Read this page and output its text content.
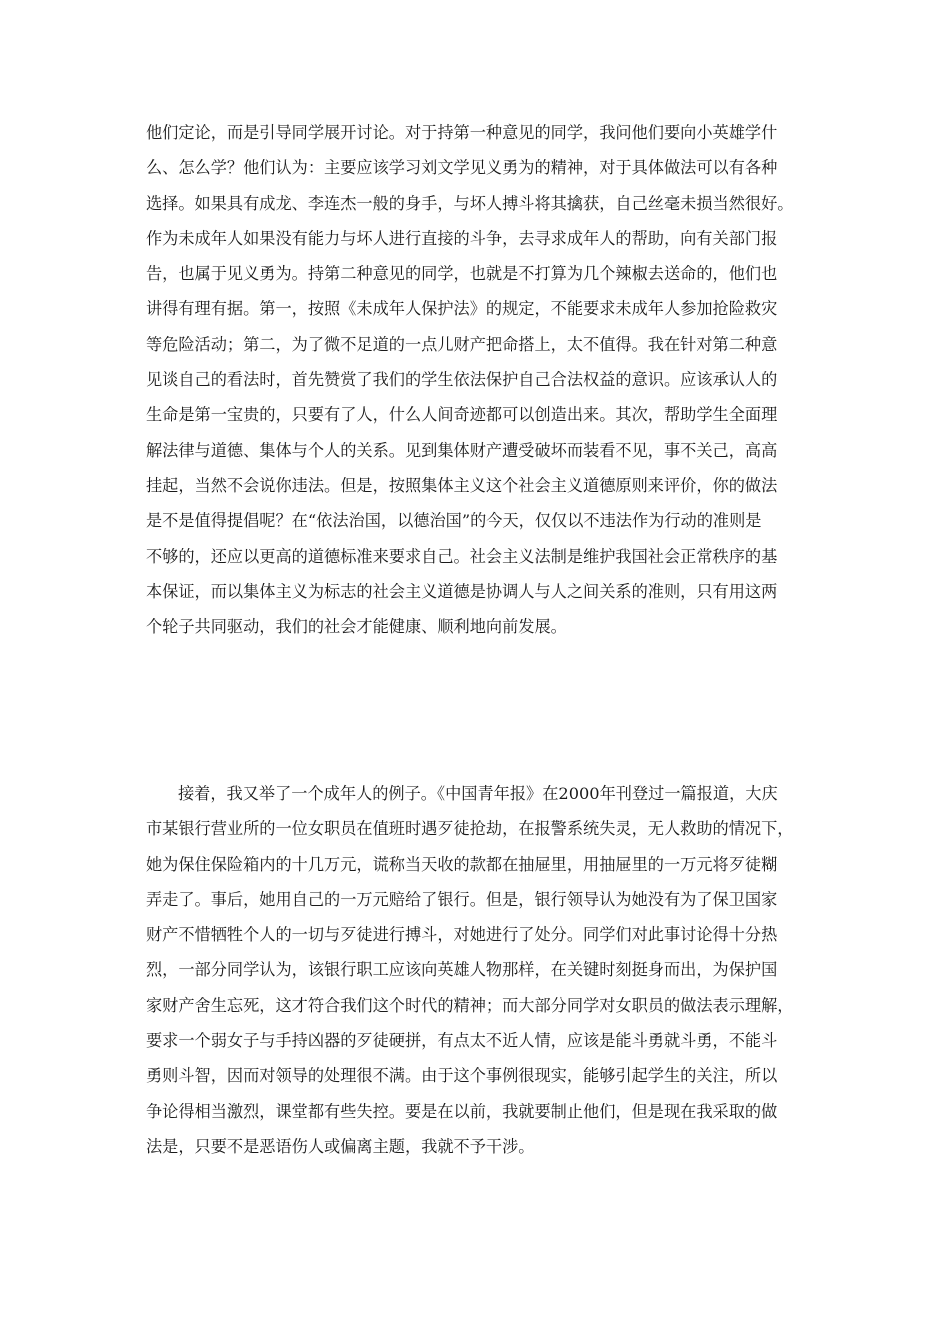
他们定论，而是引导同学展开讨论。对于持第一种意见的同学，我问他们要向小英雄学什
么、怎么学？他们认为：主要应该学习刘文学见义勇为的精神，对于具体做法可以有各种
选择。如果具有成龙、李连杰一般的身手，与坏人搏斗将其擒获，自己丝毫未损当然很好。
作为未成年人如果没有能力与坏人进行直接的斗争，去寻求成年人的帮助，向有关部门报
告，也属于见义勇为。持第二种意见的同学，也就是不打算为几个辣椒去送命的，他们也
讲得有理有据。第一，按照《未成年人保护法》的规定，不能要求未成年人参加抢险救灾
等危险活动；第二，为了微不足道的一点儿财产把命搭上，太不值得。我在针对第二种意
见谈自己的看法时，首先赞赏了我们的学生依法保护自己合法权益的意识。应该承认人的
生命是第一宝贵的，只要有了人，什么人间奇迹都可以创造出来。其次，帮助学生全面理
解法律与道德、集体与个人的关系。见到集体财产遭受破坏而装看不见，事不关己，高高
挂起，当然不会说你违法。但是，按照集体主义这个社会主义道德原则来评价，你的做法
是不是值得提倡呢？在“依法治国，以德治国”的今天，仅仅以不违法作为行动的准则是
不够的，还应以更高的道德标准来要求自己。社会主义法制是维护我国社会正常秩序的基
本保证，而以集体主义为标志的社会主义道德是协调人与人之间关系的准则，只有用这两
个轮子共同驱动，我们的社会才能健康、顺利地向前发展。
接着，我又举了一个成年人的例子。《中国青年报》在2000年刊登过一篇报道，大庆
市某银行营业所的一位女职员在值班时遇歹徒抢劫，在报警系统失灵，无人救助的情况下，
她为保住保险箱内的十几万元，谎称当天收的款都在抽屉里，用抽屉里的一万元将歹徒糊
弄走了。事后，她用自己的一万元赔给了银行。但是，银行领导认为她没有为了保卫国家
财产不惜牺牲个人的一切与歹徒进行搏斗，对她进行了处分。同学们对此事讨论得十分热
烈，一部分同学认为，该银行职工应该向英雄人物那样，在关键时刻挺身而出，为保护国
家财产舍生忘死，这才符合我们这个时代的精神；而大部分同学对女职员的做法表示理解，
要求一个弱女子与手持凶器的歹徒硬拼，有点太不近人情，应该是能斗勇就斗勇，不能斗
勇则斗智，因而对领导的处理很不满。由于这个事例很现实，能够引起学生的关注，所以
争论得相当激烈，课堂都有些失控。要是在以前，我就要制止他们，但是现在我采取的做
法是，只要不是恶语伤人或偏离主题，我就不予干涉。
